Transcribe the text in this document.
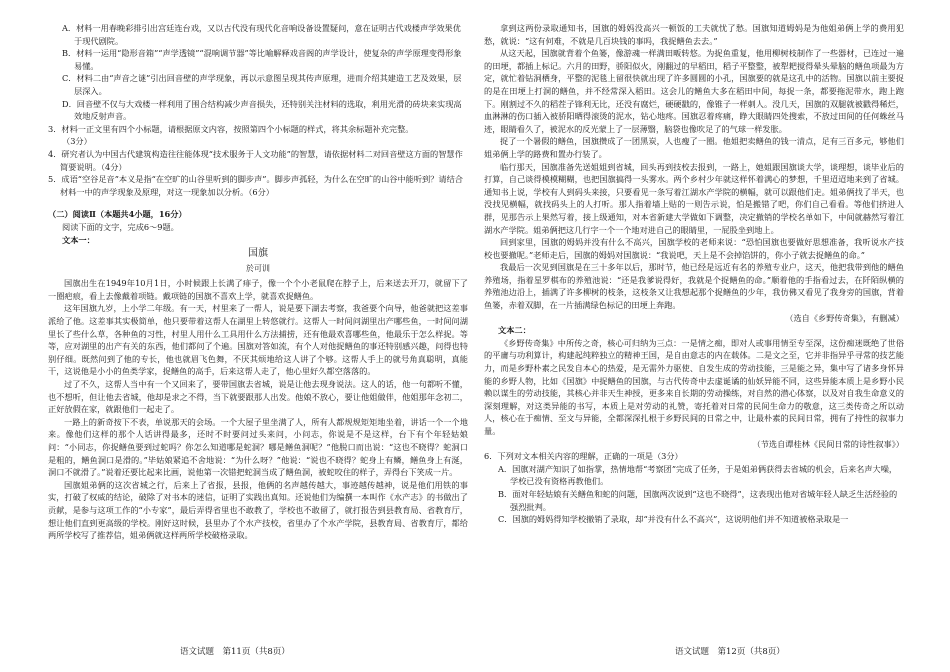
A．材料一用春晚彩排引出宫廷连台戏，又以古代没有现代化音响设备设置疑问，意在证明古代戏楼声学效果优于现代剧院。
B．材料一运用“隐形音箱”“声学透镜”“混响调节器”等比喻解释戏音阁的声学设计，使复杂的声学原理变得形象易懂。
C．材料二由“声音之谜”引出回音壁的声学现象，再以示意图呈现其传声原理，进而介绍其建造工艺及效果，层层深入。
D．回音壁不仅与大戏楼一样利用了围合结构减少声音损失，还特别关注材料的选取，利用光滑的砖块来实现高效地反射声音。
3．材料一正文里有四个小标题，请根据原文内容，按照第四个小标题的样式，将其余标题补充完整。
（3分）
4．研究者认为中国古代建筑构造往往能体现“技术服务于人文功能”的智慧，请依据材料二对回音壁这方面的智慧作简要说明。（4分）
5．成语“空谷足音”本义是指“在空旷的山谷里听到的脚步声”。脚步声孤轻，为什么在空旷的山谷中能听到？请结合材料一中的声学现象及原理，对这一现象加以分析。（6分）
（二）阅读Ⅱ（本题共4小题，16分）
阅读下面的文字，完成6～9题。
文本一：
国旗
於可训

国旗出生在1949年10月1日，小时候跟上长满了痱子，像一个个小老鼠爬在脖子上，后来送去开刀，就留下了一圈疤痕，看上去像戴着项链。戴项链的国旗不喜欢上学，就喜欢捉鳝鱼。

这年国旗九岁，上小学二年级。有一天，村里来了一帮人，说是要下湖去考察，我爸要个向导，他爸就把这差事派给了他。这差事其实极简单，他只要带着这帮人在湖里上转悠就行。这帮人一时间问湖里出产哪些鱼，一时间问湖里长了些什么草，各种鱼的习性，村里人用什么工具用什么方法捕捞，还有他最欢喜哪些鱼，他最乐于怎么样捉。等等，应对湖里的出产有关的东西，他们都问了个遍。国旗对答如流，有个人对他捉鳝鱼的事还特别感兴趣，问得也特别仔细。既然问到了他的专长，他也就眉飞色舞，不厌其烦地给这人讲了个够。这帮人手上的就号角真聪明，真能干，这说他是小小的鱼类学家，捉鳝鱼的高手，后来这帮人走了，他心里好久都空落落的。

过了不久，这帮人当中有一个又回来了，要带国旗去省城，说是让他去现身说法。这人的话，他一句都听不懂，也不想听，但让他去省城，他却是求之不得，当下就要跟那人出发。他娘不放心，要让他姐做伴，他姐那年念初二，正好放假在家，就跟他们一起走了。

一路上的新奇按下不表，单说那天的会场。一个大屋子里坐满了人，所有人都规规矩矩地坐着，讲话一个一个地来。像他们这样的那个人话讲得最多，还时不时要问过头来问，小问志，你说是不是这样，台下有个年轻姑娘问：“小同志，你捉鳝鱼要到过蛇吗？你怎么知道哪是蛇洞？哪是鳝鱼洞呢？”他脱口而出说：“这也不晓得？蛇洞口是粗的，鳝鱼洞口是滑的。”毕姑娘紧追不舍地说：“为什么呀？”他说：“说也不晓得？蛇身上有鳞，鳝鱼身上有涎，洞口不就滑了。”说着还要比起来比画，说他第一次错把蛇洞当成了鳝鱼洞，被蛇咬住的样子，弄得台下笑成一片。

国旗姐弟俩的这次省城之行，后来上了省报，县报，他俩的名声越传越大，事迹越传越神，说是他们用铁的事实，打破了权威的结论，破除了对书本的迷信，证明了实践出真知。还说他们为编撰一本叫作《水产志》的书做出了贡献，是参与这项工作的“小专家”，最后弄得省里也不敢教了，学校也不敢留了，就打报告到县教育局、省教育厅，想让他们直到更高级的学校。刚好这时候，县里办了个水产技校，省里办了个水产学院，县教育局、省教育厅，都给两所学校写了推荐信，姐弟俩就这样两所学校破格录取。

拿到这两份录取通知书，国旗的姆妈没高兴一顿饭的工夫就忧了愁。国旗知道姆妈是为他姐弟俩上学的费用犯愁，就说：“这有何难，不就是几百块钱的事吗，我捉鳝鱼去去。”

从这天起，国旗就背着个鱼篓，像游魂一样满田畈转悠。为捉鱼重复，他用柳树枝制作了一些器材，已连过一遍的田埂，都插上标记。六月的田野，骄阳似火，刚翻过的早稻田，稻子平整整，被犁耙搅得晕头晕脑的鳝鱼项最为方定，就忙着钻洞栖身，平整的泥毯上留很快就出现了许多圆圆的小孔，国旗要的就是这孔中的活物。国旗以前主要捉的是在田埂上打洞的鳝鱼，并不经常深入稻田。这会儿的鳝鱼大多在稻田中间，每捉一条，都要拖泥带水，跑上跑下。刚割过不久的稻茬子锋利无比，还没有腐烂，硬硬戳的，像锥子一样刺人。没几天，国旗的双腿就被戳得稀烂，血淋淋的伤口插入被骄阳晒得滚烫的泥水，钻心地疼。国旗忍着疼痛，睁大眼睛四处搜索，不放过田间的任何蛛丝马迹，眼睛看久了，被泥水的反光蒙上了一层薄翳，脑袋也像吹足了的气球一样发胀。

捉了一个暑假的鳝鱼，国旗攒成了一团黑炭，人也瘦了一圈。他姐把卖鳝鱼的钱一清点，足有三百多元，够他们姐弟俩上学的路费和置办行装了。

临行那天，国旗准备先送姐姐到省城，回头再到技校去报到，一路上，她姐跟国旗谈大学，谈理想，谈毕业后的打算，自己谈得模模糊糊，也把国旗搞得一头雾水。两个乡村少年就这样怀着满心的梦想，千里迢迢地来到了省城。通知书上说，学校有人到码头来接，只要看见一条写着江湖水产学院的横幅，就可以跟他们走。姐弟俩找了半天，也没找见横幅，就找码头上的人打听。那人指着墙上贴的一则告示说，怕是搬错了吧，你们自己看看。等他们挤进人群，见那告示上果然写着，接上级通知，对本省新建大学做如下调整，决定撤销的学校名单如下，中间就赫然写着江湖水产学院。姐弟俩把这几行字一个一个地对进自己的眼睛里，一屁股坐到地上。

回到家里，国旗的姆妈并没有什么不高兴，国旗学校的老师来说：“恐怕国旗也要做好思想准备，我听说水产技校也要撤呢。”老师走后，国旗的姆妈对国旗说：“我说吧，天上是不会掉馅饼的，你小子就去捉鳝鱼的命。”

我最后一次见到国旗是在三十多年以后，那时节，他已经是远近有名的养殖专业户，这天，他把我带到他的鳝鱼养殖场，指着星罗棋布的养殖池说：“还是我爹说得好，我就是个捉鳝鱼的命。”顺着他的手指看过去，在阡陌纵横的养殖池边沿上，插满了许多柳树的枝条，这枝条又让我想起那个捉鳝鱼的少年，我仿佛又看见了我身旁的国旗，背着鱼篓，赤着双脚，在一片插满绿色标记的田埂上奔跑。

（选自《乡野传奇集》，有删减）
文本二：

《乡野传奇集》中所传之奇，核心可归纳为三点：一是情之痴，即对人或事用情至专至深，这份痴迷既绝了世俗的平庸与功利算计，构建起纯粹独立的精神王国，是自由意志的内在载体。二是文之至，它并非指异乎寻常的技艺能力，而是乡野朴素之民发自本心的热爱，是无需外力驱使、自发生成的劳动技能，三是能之异，集中写了诸多身怀异能的乡野人物，比如《国旗》中捉鳝鱼的国旗，与古代传奇中去虚诞谲的仙妖异能不同，这些异能本质上是乡野小民赖以谋生的劳动技能，其核心并非天生神授，更多来自长期的劳动操练，对自然的潜心体察，以及对自我生命意义的深刻理解，对这类异能的书写，本质上是对劳动的礼赞，寄托着对日常的民间生命力的敬意，这三类传奇之所以动人，核心在于痴情、至文与异能，全都深深扎根于乡野民间的日常之中，让最朴素的民间日常，拥有了持性的叙事力量。

（节选自谭桂林《民间日常的诗性叙事》）
6．下列对文本相关内容的理解，正确的一项是（3分）
A．国旗对湖产知识了如指掌，热情地帮“考察团”完成了任务，于是姐弟俩获得去省城的机会，后来名声大噪，学校已没有资格再教他们。
B．面对年轻姑娘有关鳝鱼和蛇的问题，国旗两次说到“这也不晓得”，这表现出他对省城年轻人缺乏生活经验的强烈批判。
C．国旗的姆妈得知学校撤销了录取，却“并没有什么不高兴”，这说明他们并不知道被格录取是一
语文试题　第11页（共8页）	语文试题　第12页（共8页）
